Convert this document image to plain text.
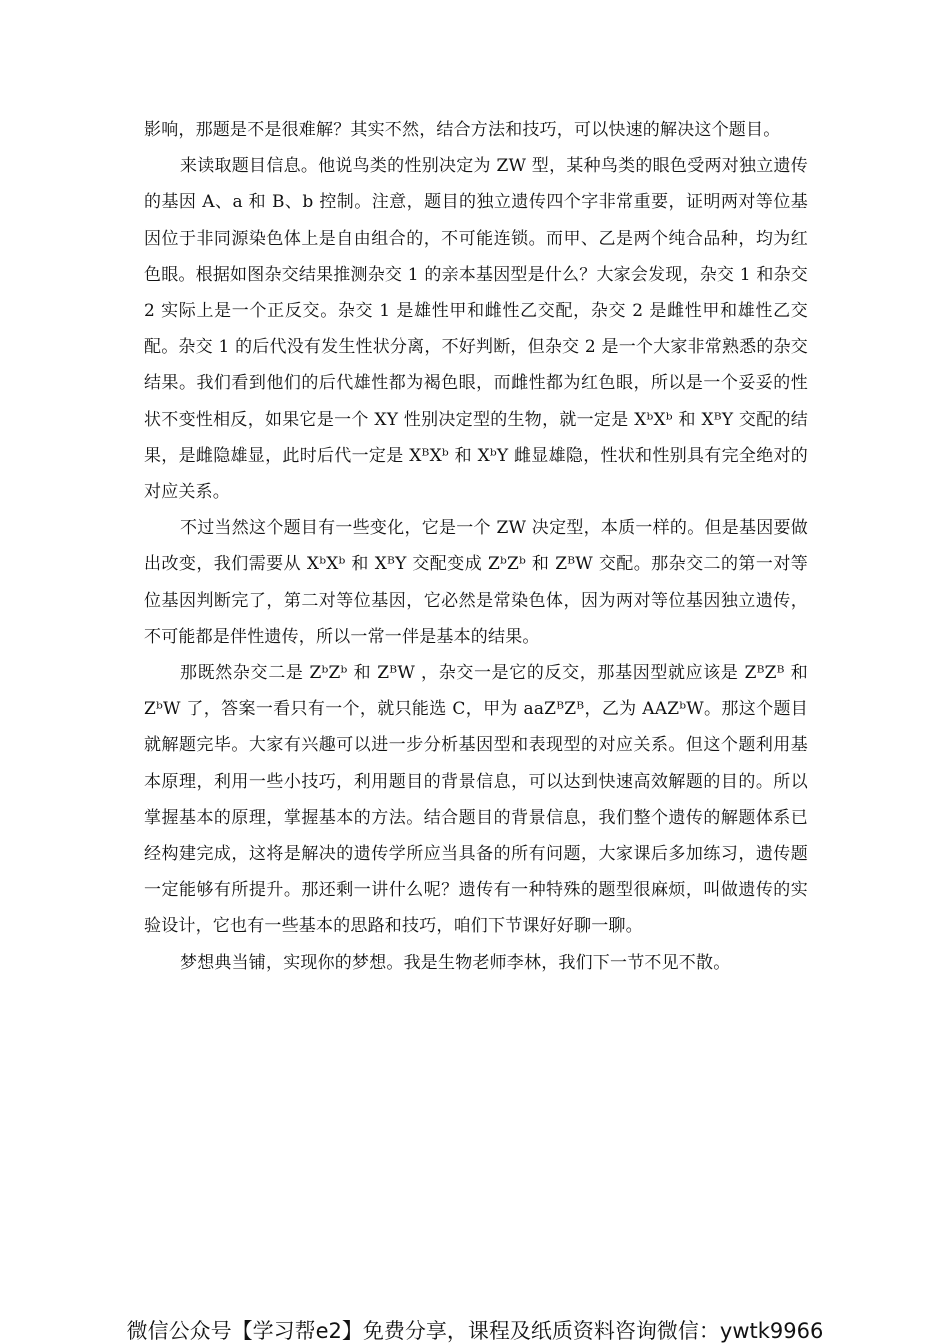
影响，那题是不是很难解？其实不然，结合方法和技巧，可以快速的解决这个题目。

来读取题目信息。他说鸟类的性别决定为 ZW 型，某种鸟类的眼色受两对独立遗传的基因 A、a 和 B、b 控制。注意，题目的独立遗传四个字非常重要，证明两对等位基因位于非同源染色体上是自由组合的，不可能连锁。而甲、乙是两个纯合品种，均为红色眼。根据如图杂交结果推测杂交 1 的亲本基因型是什么？大家会发现，杂交 1 和杂交 2 实际上是一个正反交。杂交 1 是雄性甲和雌性乙交配，杂交 2 是雌性甲和雄性乙交配。杂交 1 的后代没有发生性状分离，不好判断，但杂交 2 是一个大家非常熟悉的杂交结果。我们看到他们的后代雄性都为褐色眼，而雌性都为红色眼，所以是一个妥妥的性状不变性相反，如果它是一个 XY 性别决定型的生物，就一定是 XᵇXᵇ 和 XᴮY 交配的结果，是雌隐雄显，此时后代一定是 XᴮXᵇ 和 XᵇY 雌显雄隐，性状和性别具有完全绝对的对应关系。

不过当然这个题目有一些变化，它是一个 ZW 决定型，本质一样的。但是基因要做出改变，我们需要从 XᵇXᵇ 和 XᴮY 交配变成 ZᵇZᵇ 和 ZᴮW 交配。那杂交二的第一对等位基因判断完了，第二对等位基因，它必然是常染色体，因为两对等位基因独立遗传，不可能都是伴性遗传，所以一常一伴是基本的结果。

那既然杂交二是 ZᵇZᵇ 和 ZᴮW ，杂交一是它的反交，那基因型就应该是 ZᴮZᴮ 和 ZᵇW 了，答案一看只有一个，就只能选 C，甲为 aaZᴮZᴮ，乙为 AAZᵇW。那这个题目就解题完毕。大家有兴趣可以进一步分析基因型和表现型的对应关系。但这个题利用基本原理，利用一些小技巧，利用题目的背景信息，可以达到快速高效解题的目的。所以掌握基本的原理，掌握基本的方法。结合题目的背景信息，我们整个遗传的解题体系已经构建完成，这将是解决的遗传学所应当具备的所有问题，大家课后多加练习，遗传题一定能够有所提升。那还剩一讲什么呢？遗传有一种特殊的题型很麻烦，叫做遗传的实验设计，它也有一些基本的思路和技巧，咱们下节课好好聊一聊。

梦想典当铺，实现你的梦想。我是生物老师李林，我们下一节不见不散。

微信公众号【学习帮e2】免费分享，课程及纸质资料咨询微信：ywtk9966
